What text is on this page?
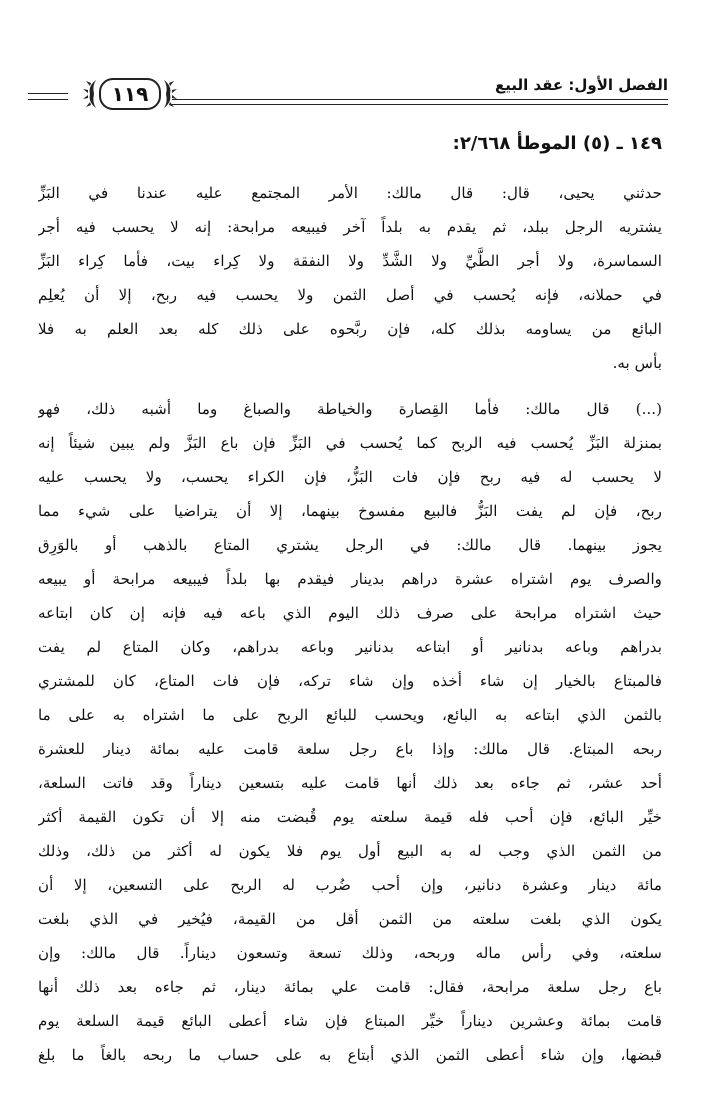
الفصل الأول: عقد البيع
١١٩
١٤٩ ـ (٥) الموطأ ٢/٦٦٨:
حدثني يحيى، قال: قال مالك: الأمر المجتمع عليه عندنا في البَزِّ
يشتريه الرجل ببلد، ثم يقدم به بلداً آخر فيبيعه مرابحة: إنه لا يحسب فيه أجر
السماسرة، ولا أجر الطَّيِّ ولا الشَّدِّ ولا النفقة ولا كِراء بيت، فأما كِراء البَزِّ
في حملانه، فإنه يُحسب في أصل الثمن ولا يحسب فيه ربح، إلا أن يُعلِم
البائع من يساومه بذلك كله، فإن ربَّحوه على ذلك كله بعد العلم به فلا
بأس به.
(...) قال مالك: فأما القِصارة والخياطة والصباغ وما أشبه ذلك، فهو
بمنزلة البَزِّ يُحسب فيه الربح كما يُحسب في البَزِّ فإن باع البَزَّ ولم يبين شيئاً إنه
لا يحسب له فيه ربح فإن فات البَزُّ، فإن الكراء يحسب، ولا يحسب عليه
ربح، فإن لم يفت البَزُّ فالبيع مفسوخ بينهما، إلا أن يتراضيا على شيء مما
يجوز بينهما. قال مالك: في الرجل يشتري المتاع بالذهب أو بالوَرِق
والصرف يوم اشتراه عشرة دراهم بدينار فيقدم بها بلداً فيبيعه مرابحة أو يبيعه
حيث اشتراه مرابحة على صرف ذلك اليوم الذي باعه فيه فإنه إن كان ابتاعه
بدراهم وباعه بدنانير أو ابتاعه بدنانير وباعه بدراهم، وكان المتاع لم يفت
فالمبتاع بالخيار إن شاء أخذه وإن شاء تركه، فإن فات المتاع، كان للمشتري
بالثمن الذي ابتاعه به البائع، ويحسب للبائع الربح على ما اشتراه به على ما
ربحه المبتاع. قال مالك: وإذا باع رجل سلعة قامت عليه بمائة دينار للعشرة
أحد عشر، ثم جاءه بعد ذلك أنها قامت عليه بتسعين ديناراً وقد فاتت السلعة،
خيِّر البائع، فإن أحب فله قيمة سلعته يوم قُبضت منه إلا أن تكون القيمة أكثر
من الثمن الذي وجب له به البيع أول يوم فلا يكون له أكثر من ذلك، وذلك
مائة دينار وعشرة دنانير، وإن أحب ضُرب له الربح على التسعين، إلا أن
يكون الذي بلغت سلعته من الثمن أقل من القيمة، فيُخير في الذي بلغت
سلعته، وفي رأس ماله وربحه، وذلك تسعة وتسعون ديناراً. قال مالك: وإن
باع رجل سلعة مرابحة، فقال: قامت علي بمائة دينار، ثم جاءه بعد ذلك أنها
قامت بمائة وعشرين ديناراً خيِّر المبتاع فإن شاء أعطى البائع قيمة السلعة يوم
قبضها، وإن شاء أعطى الثمن الذي أبتاع به على حساب ما ربحه بالغاً ما بلغ
